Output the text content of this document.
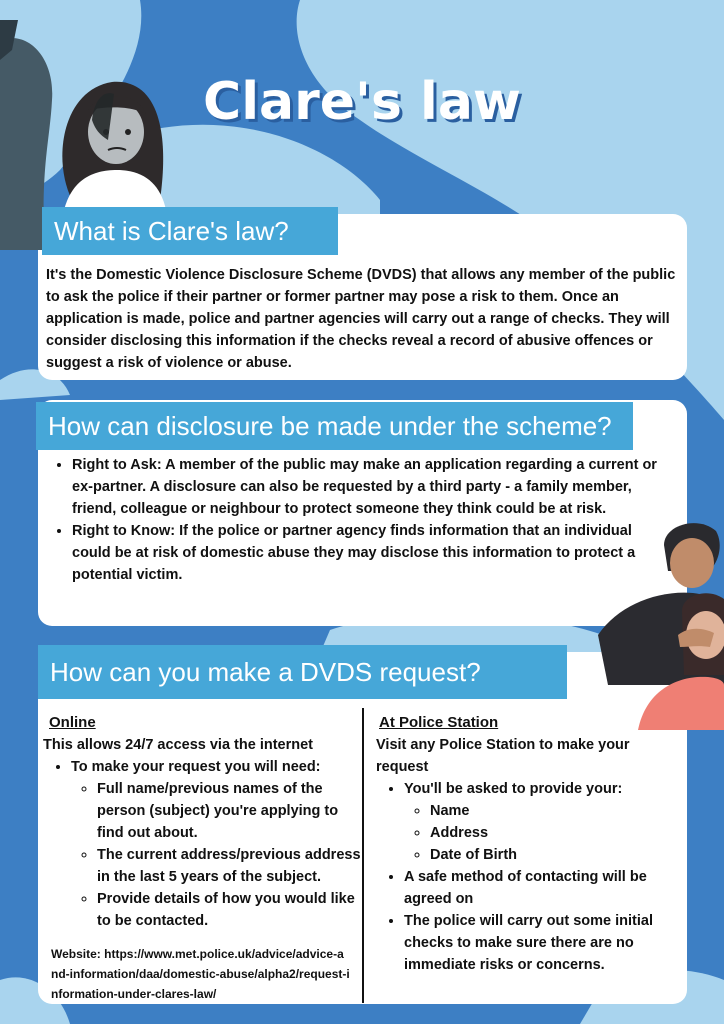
Clare's law
What is Clare's law?
It's the Domestic Violence Disclosure Scheme (DVDS) that allows any member of the public to ask the police if their partner or former partner may pose a risk to them. Once an application is made, police and partner agencies will carry out a range of checks. They will consider disclosing this information if the checks reveal a record of abusive offences or suggest a risk of violence or abuse.
How can disclosure be made under the scheme?
• Right to Ask: A member of the public may make an application regarding a current or ex-partner. A disclosure can also be requested by a third party - a family member, friend, colleague or neighbour to protect someone they think could be at risk.
• Right to Know: If the police or partner agency finds information that an individual could be at risk of domestic abuse they may disclose this information to protect a potential victim.
How can you make a DVDS request?
Online
This allows 24/7 access via the internet
• To make your request you will need:
◦ Full name/previous names of the person (subject) you're applying to find out about.
◦ The current address/previous address in the last 5 years of the subject.
◦ Provide details of how you would like to be contacted.
Website: https://www.met.police.uk/advice/advice-and-information/daa/domestic-abuse/alpha2/request-information-under-clares-law/
At Police Station
Visit any Police Station to make your request
• You'll be asked to provide your:
◦ Name
◦ Address
◦ Date of Birth
• A safe method of contacting will be agreed on
• The police will carry out some initial checks to make sure there are no immediate risks or concerns.
